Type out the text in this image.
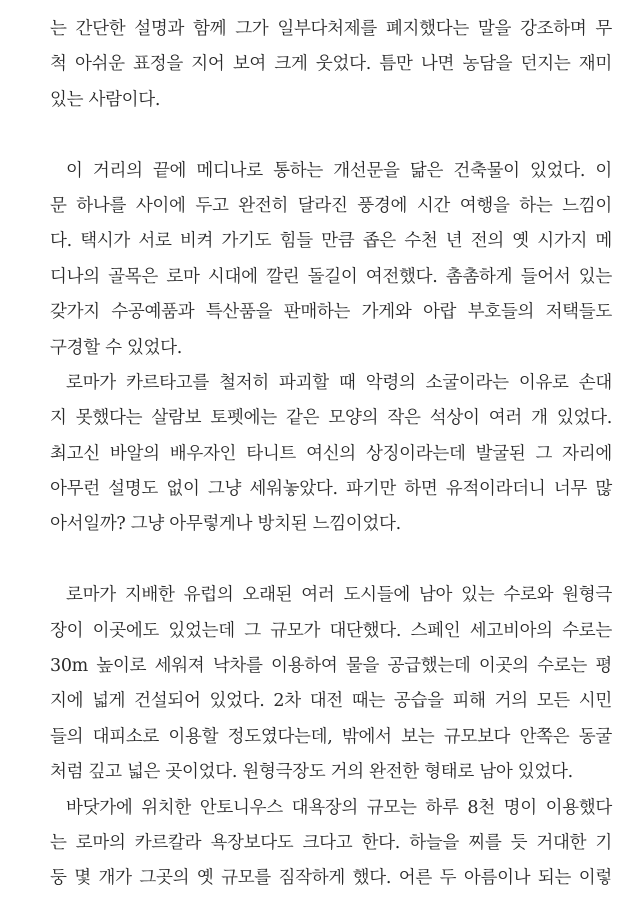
는 간단한 설명과 함께 그가 일부다처제를 폐지했다는 말을 강조하며 무
척 아쉬운 표정을 지어 보여 크게 웃었다. 틈만 나면 농담을 던지는 재미
있는 사람이다.
이 거리의 끝에 메디나로 통하는 개선문을 닮은 건축물이 있었다. 이
문 하나를 사이에 두고 완전히 달라진 풍경에 시간 여행을 하는 느낌이
다. 택시가 서로 비켜 가기도 힘들 만큼 좁은 수천 년 전의 옛 시가지 메
디나의 골목은 로마 시대에 깔린 돌길이 여전했다. 촘촘하게 들어서 있는
갖가지 수공예품과 특산품을 판매하는 가게와 아랍 부호들의 저택들도
구경할 수 있었다.
로마가 카르타고를 철저히 파괴할 때 악령의 소굴이라는 이유로 손대
지 못했다는 살람보 토펫에는 같은 모양의 작은 석상이 여러 개 있었다.
최고신 바알의 배우자인 타니트 여신의 상징이라는데 발굴된 그 자리에
아무런 설명도 없이 그냥 세워놓았다. 파기만 하면 유적이라더니 너무 많
아서일까? 그냥 아무렇게나 방치된 느낌이었다.
로마가 지배한 유럽의 오래된 여러 도시들에 남아 있는 수로와 원형극
장이 이곳에도 있었는데 그 규모가 대단했다. 스페인 세고비아의 수로는
30m 높이로 세워져 낙차를 이용하여 물을 공급했는데 이곳의 수로는 평
지에 넓게 건설되어 있었다. 2차 대전 때는 공습을 피해 거의 모든 시민
들의 대피소로 이용할 정도였다는데, 밖에서 보는 규모보다 안쪽은 동굴
처럼 깊고 넓은 곳이었다. 원형극장도 거의 완전한 형태로 남아 있었다.
바닷가에 위치한 안토니우스 대욕장의 규모는 하루 8천 명이 이용했다
는 로마의 카르칼라 욕장보다도 크다고 한다. 하늘을 찌를 듯 거대한 기
둥 몇 개가 그곳의 옛 규모를 짐작하게 했다. 어른 두 아름이나 되는 이렇
